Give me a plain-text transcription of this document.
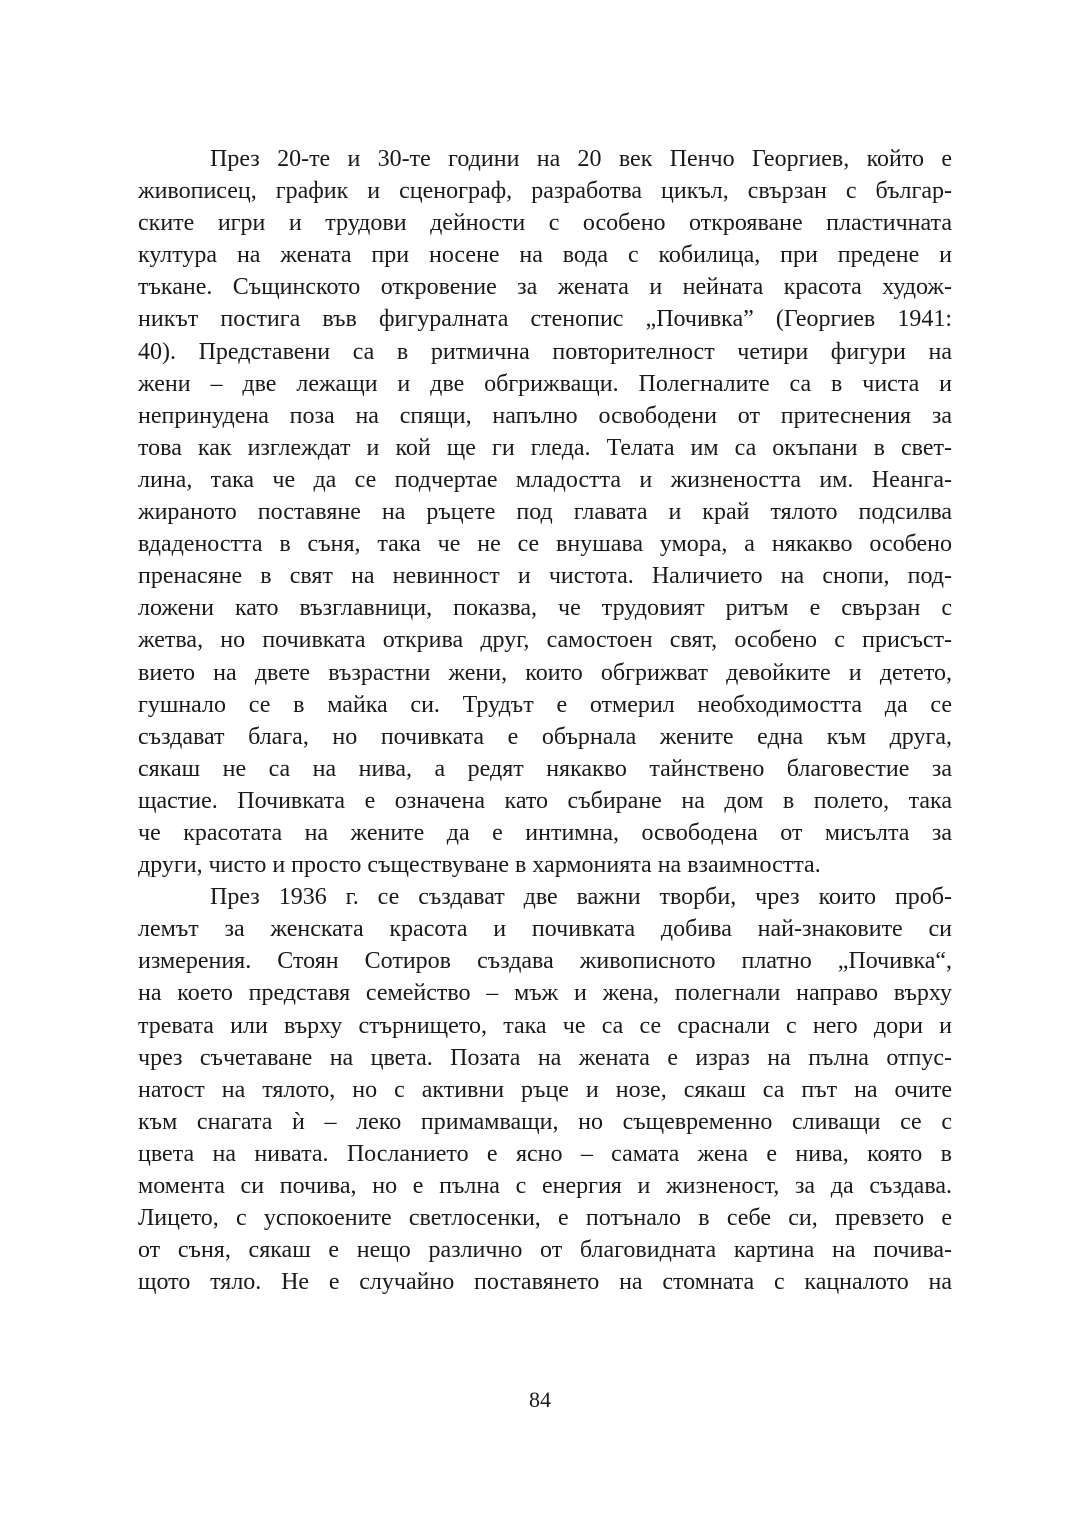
През 20-те и 30-те години на 20 век Пенчо Георгиев, който е
живописец, график и сценограф, разработва цикъл, свързан с българ-
ските игри и трудови дейности с особено открояване пластичната
култура на жената при носене на вода с кобилица, при предене и
тъкане. Същинското откровение за жената и нейната красота худож-
никът постига във фигуралната стенопис „Почивка” (Георгиев 1941:
40). Представени са в ритмична повторителност четири фигури на
жени – две лежащи и две обгрижващи. Полегналите са в чиста и
непринудена поза на спящи, напълно освободени от притеснения за
това как изглеждат и кой ще ги гледа. Телата им са окъпани в свет-
лина, така че да се подчертае младостта и жизнеността им. Неанга-
жираното поставяне на ръцете под главата и край тялото подсилва
вдадеността в съня, така че не се внушава умора, а някакво особено
пренасяне в свят на невинност и чистота. Наличието на снопи, под-
ложени като възглавници, показва, че трудовият ритъм е свързан с
жетва, но почивката открива друг, самостоен свят, особено с присъст-
вието на двете възрастни жени, които обгрижват девойките и детето,
гушнало се в майка си. Трудът е отмерил необходимостта да се
създават блага, но почивката е обърнала жените една към друга,
сякаш не са на нива, а редят някакво тайнствено благовестие за
щастие. Почивката е означена като събиране на дом в полето, така
че красотата на жените да е интимна, освободена от мисълта за
други, чисто и просто съществуване в хармонията на взаимността.
През 1936 г. се създават две важни творби, чрез които проб-
лемът за женската красота и почивката добива най-знаковите си
измерения. Стоян Сотиров създава живописното платно „Почивка“,
на което представя семейство – мъж и жена, полегнали направо върху
тревата или върху стърнището, така че са се сраснали с него дори и
чрез съчетаване на цвета. Позата на жената е израз на пълна отпус-
натост на тялото, но с активни ръце и нозе, сякаш са път на очите
към снагата ѝ – леко примамващи, но същевременно сливащи се с
цвета на нивата. Посланието е ясно – самата жена е нива, която в
момента си почива, но е пълна с енергия и жизненост, за да създава.
Лицето, с успокоените светлосенки, е потънало в себе си, превзето е
от съня, сякаш е нещо различно от благовидната картина на почива-
щото тяло. Не е случайно поставянето на стомната с кацналото на
84
